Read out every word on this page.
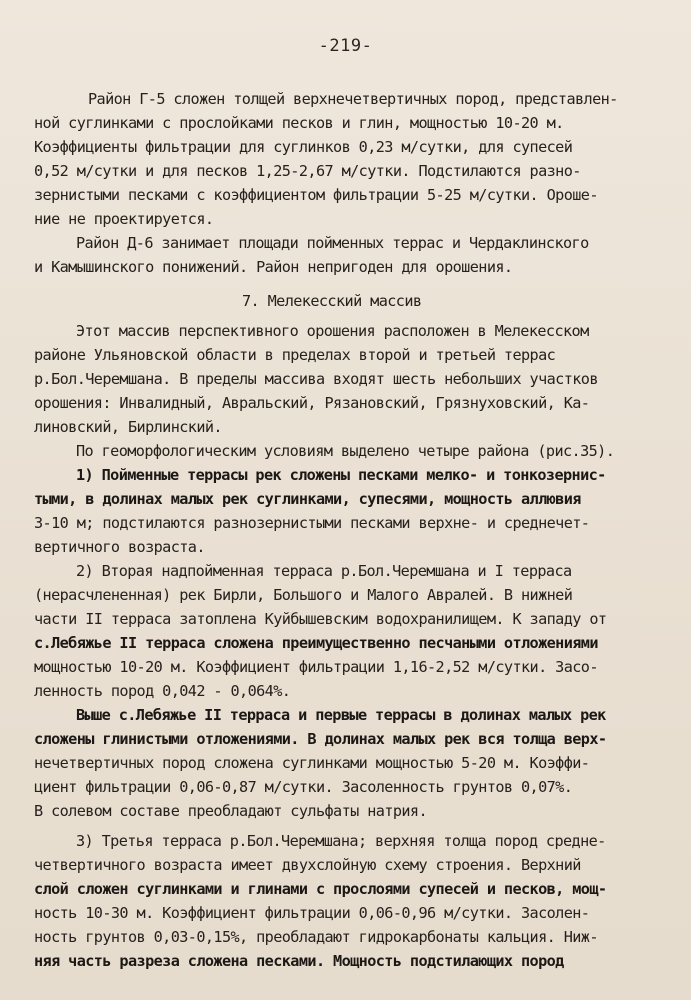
-219-
Район Г-5 сложен толщей верхнечетвертичных пород, представлен-
ной суглинками с прослойками песков и глин, мощностью 10-20 м.
Коэффициенты фильтрации для суглинков 0,23 м/сутки, для супесей
0,52 м/сутки и для песков 1,25-2,67 м/сутки. Подстилаются разно-
зернистыми песками с коэффициентом фильтрации 5-25 м/сутки. Ороше-
ние не проектируется.
Район Д-6 занимает площади пойменных террас и Чердаклинского
и Камышинского понижений. Район непригоден для орошения.
7. Мелекесский массив
Этот массив перспективного орошения расположен в Мелекесском
районе Ульяновской области в пределах второй и третьей террас
р.Бол.Черемшана. В пределы массива входят шесть небольших участков
орошения: Инвалидный, Авральский, Рязановский, Грязнуховский, Ка-
линовский, Бирлинский.
По геоморфологическим условиям выделено четыре района (рис.35).
1) Пойменные террасы рек сложены песками мелко- и тонкозернис-
тыми, в долинах малых рек суглинками, супесями, мощность аллювия
3-10 м; подстилаются разнозернистыми песками верхне- и среднечет-
вертичного возраста.
2) Вторая надпойменная терраса р.Бол.Черемшана и I терраса
(нерасчлененная) рек Бирли, Большого и Малого Авралей. В нижней
части II терраса затоплена Куйбышевским водохранилищем. К западу от
с.Лебяжье II терраса сложена преимущественно песчаными отложениями
мощностью 10-20 м. Коэффициент фильтрации 1,16-2,52 м/сутки. Засо-
ленность пород 0,042 - 0,064%.
Выше с.Лебяжье II терраса и первые террасы в долинах малых рек
сложены глинистыми отложениями. В долинах малых рек вся толща верх-
нечетвертичных пород сложена суглинками мощностью 5-20 м. Коэффи-
циент фильтрации 0,06-0,87 м/сутки. Засоленность грунтов 0,07%.
В солевом составе преобладают сульфаты натрия.
3) Третья терраса р.Бол.Черемшана; верхняя толща пород средне-
четвертичного возраста имеет двухслойную схему строения. Верхний
слой сложен суглинками и глинами с прослоями супесей и песков, мощ-
ность 10-30 м. Коэффициент фильтрации 0,06-0,96 м/сутки. Засолен-
ность грунтов 0,03-0,15%, преобладают гидрокарбонаты кальция. Ниж-
няя часть разреза сложена песками. Мощность подстилающих пород
